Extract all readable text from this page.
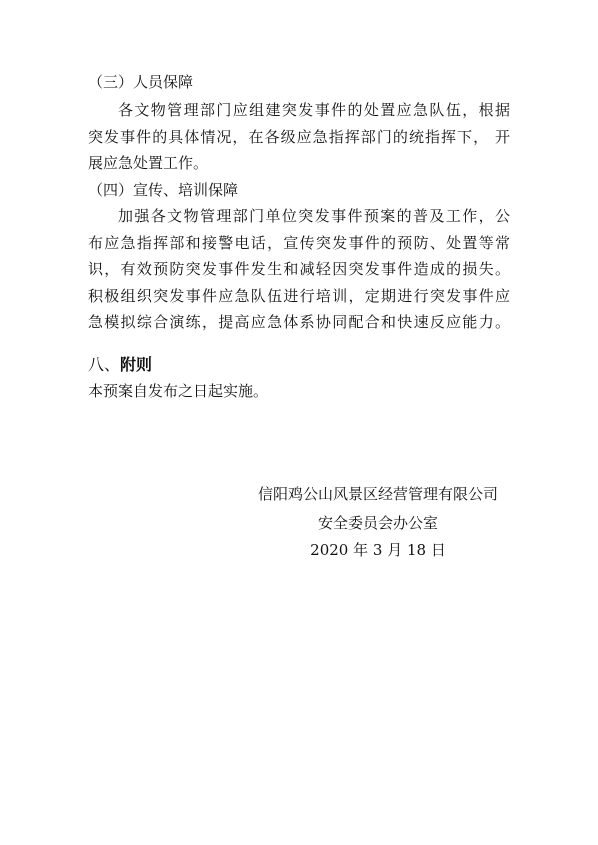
（三）人员保障
各文物管理部门应组建突发事件的处置应急队伍，根据
突发事件的具体情况，在各级应急指挥部门的统指挥下， 开
展应急处置工作。
（四）宣传、培训保障
加强各文物管理部门单位突发事件预案的普及工作，公
布应急指挥部和接警电话，宣传突发事件的预防、处置等常
识，有效预防突发事件发生和减轻因突发事件造成的损失。
积极组织突发事件应急队伍进行培训，定期进行突发事件应
急模拟综合演练，提高应急体系协同配合和快速反应能力。
八、附则
本预案自发布之日起实施。
信阳鸡公山风景区经营管理有限公司
安全委员会办公室
2020 年 3 月 18 日
